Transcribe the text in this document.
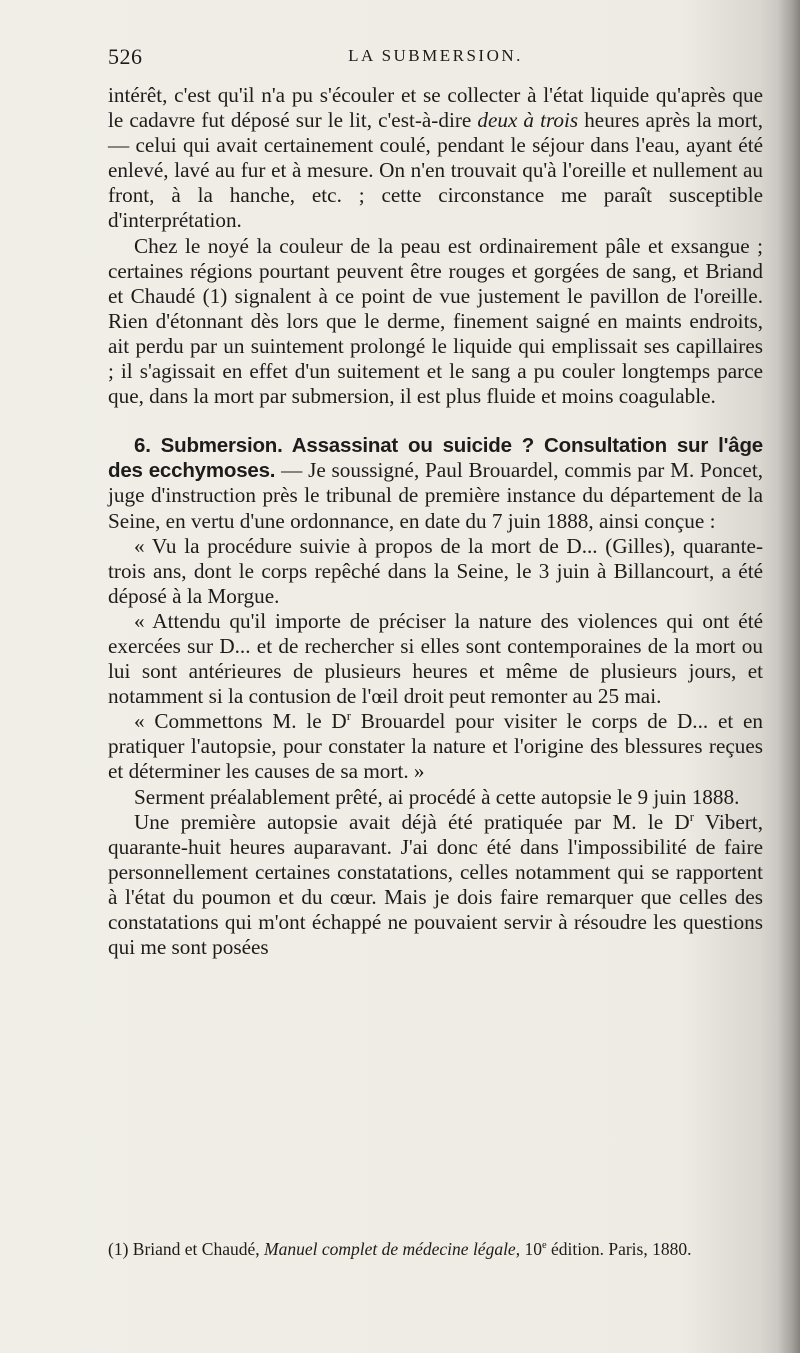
526	LA SUBMERSION.

intérêt, c'est qu'il n'a pu s'écouler et se collecter à l'état liquide qu'après que le cadavre fut déposé sur le lit, c'est-à-dire deux à trois heures après la mort, — celui qui avait certainement coulé, pendant le séjour dans l'eau, ayant été enlevé, lavé au fur et à mesure. On n'en trouvait qu'à l'oreille et nullement au front, à la hanche, etc. ; cette circonstance me paraît susceptible d'interprétation.

Chez le noyé la couleur de la peau est ordinairement pâle et exsangue ; certaines régions pourtant peuvent être rouges et gorgées de sang, et Briand et Chaudé (1) signalent à ce point de vue justement le pavillon de l'oreille. Rien d'étonnant dès lors que le derme, finement saigné en maints endroits, ait perdu par un suintement prolongé le liquide qui emplissait ses capillaires ; il s'agissait en effet d'un suitement et le sang a pu couler longtemps parce que, dans la mort par submersion, il est plus fluide et moins coagulable.

6. Submersion. Assassinat ou suicide ? Consultation sur l'âge des ecchymoses. — Je soussigné, Paul Brouardel, commis par M. Poncet, juge d'instruction près le tribunal de première instance du département de la Seine, en vertu d'une ordonnance, en date du 7 juin 1888, ainsi conçue :

« Vu la procédure suivie à propos de la mort de D... (Gilles), quarante-trois ans, dont le corps repêché dans la Seine, le 3 juin à Billancourt, a été déposé à la Morgue.

« Attendu qu'il importe de préciser la nature des violences qui ont été exercées sur D... et de rechercher si elles sont contemporaines de la mort ou lui sont antérieures de plusieurs heures et même de plusieurs jours, et notamment si la contusion de l'œil droit peut remonter au 25 mai.

« Commettons M. le $D^r$ Brouardel pour visiter le corps de D... et en pratiquer l'autopsie, pour constater la nature et l'origine des blessures reçues et déterminer les causes de sa mort. »

Serment préalablement prêté, ai procédé à cette autopsie le 9 juin 1888.

Une première autopsie avait déjà été pratiquée par M. le $D^r$ Vibert, quarante-huit heures auparavant. J'ai donc été dans l'impossibilité de faire personnellement certaines constatations, celles notamment qui se rapportent à l'état du poumon et du cœur. Mais je dois faire remarquer que celles des constatations qui m'ont échappé ne pouvaient servir à résoudre les questions qui me sont posées

(1) Briand et Chaudé, Manuel complet de médecine légale, 10e édition. Paris, 1880.
